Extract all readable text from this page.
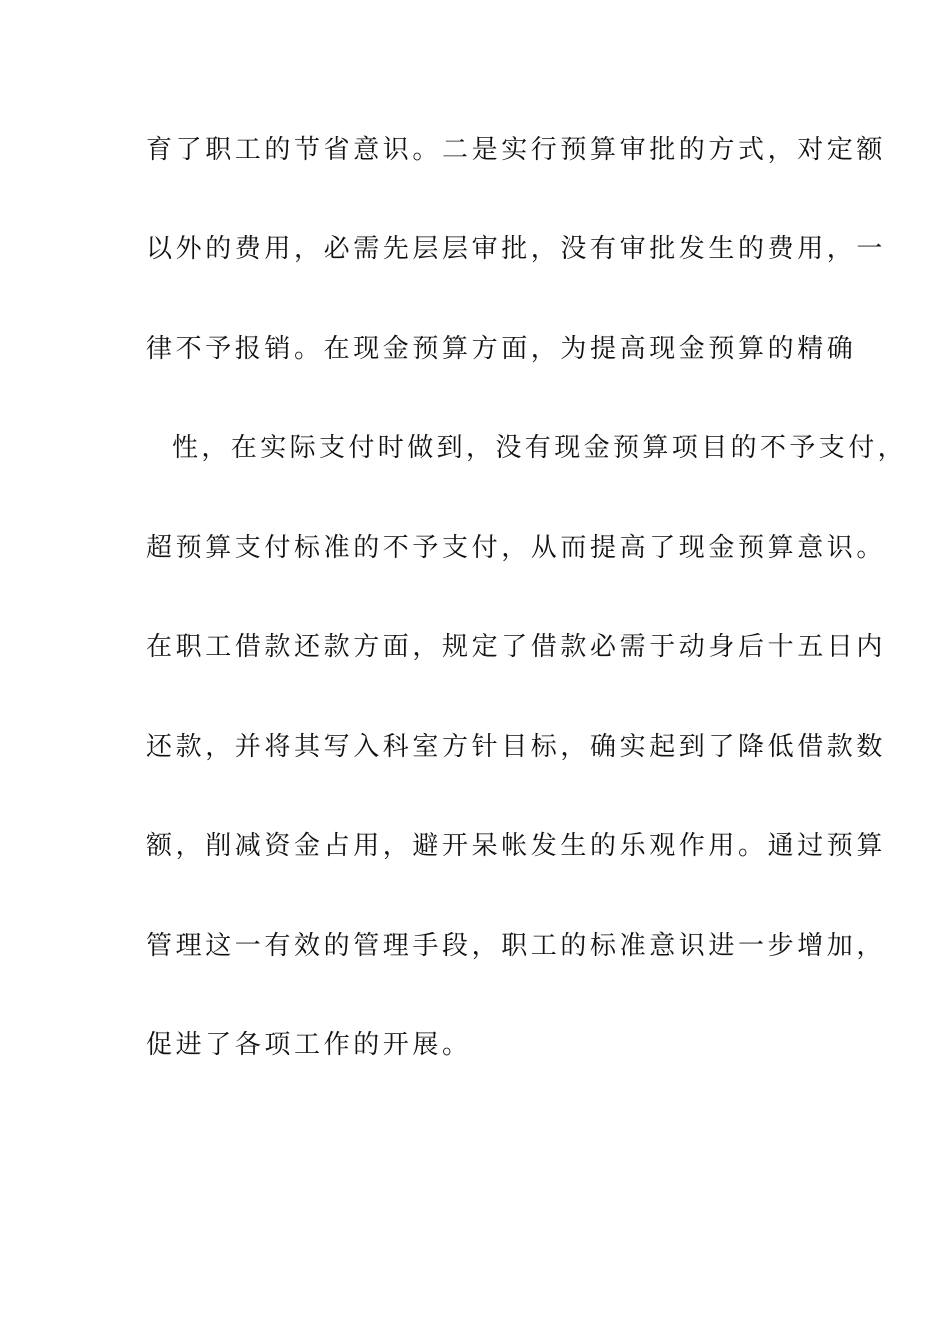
育了职工的节省意识。二是实行预算审批的方式，对定额
以外的费用，必需先层层审批，没有审批发生的费用，一
律不予报销。在现金预算方面，为提高现金预算的精确
性，在实际支付时做到，没有现金预算项目的不予支付，
超预算支付标准的不予支付，从而提高了现金预算意识。
在职工借款还款方面，规定了借款必需于动身后十五日内
还款，并将其写入科室方针目标，确实起到了降低借款数
额，削减资金占用，避开呆帐发生的乐观作用。通过预算
管理这一有效的管理手段，职工的标准意识进一步增加，
促进了各项工作的开展。
